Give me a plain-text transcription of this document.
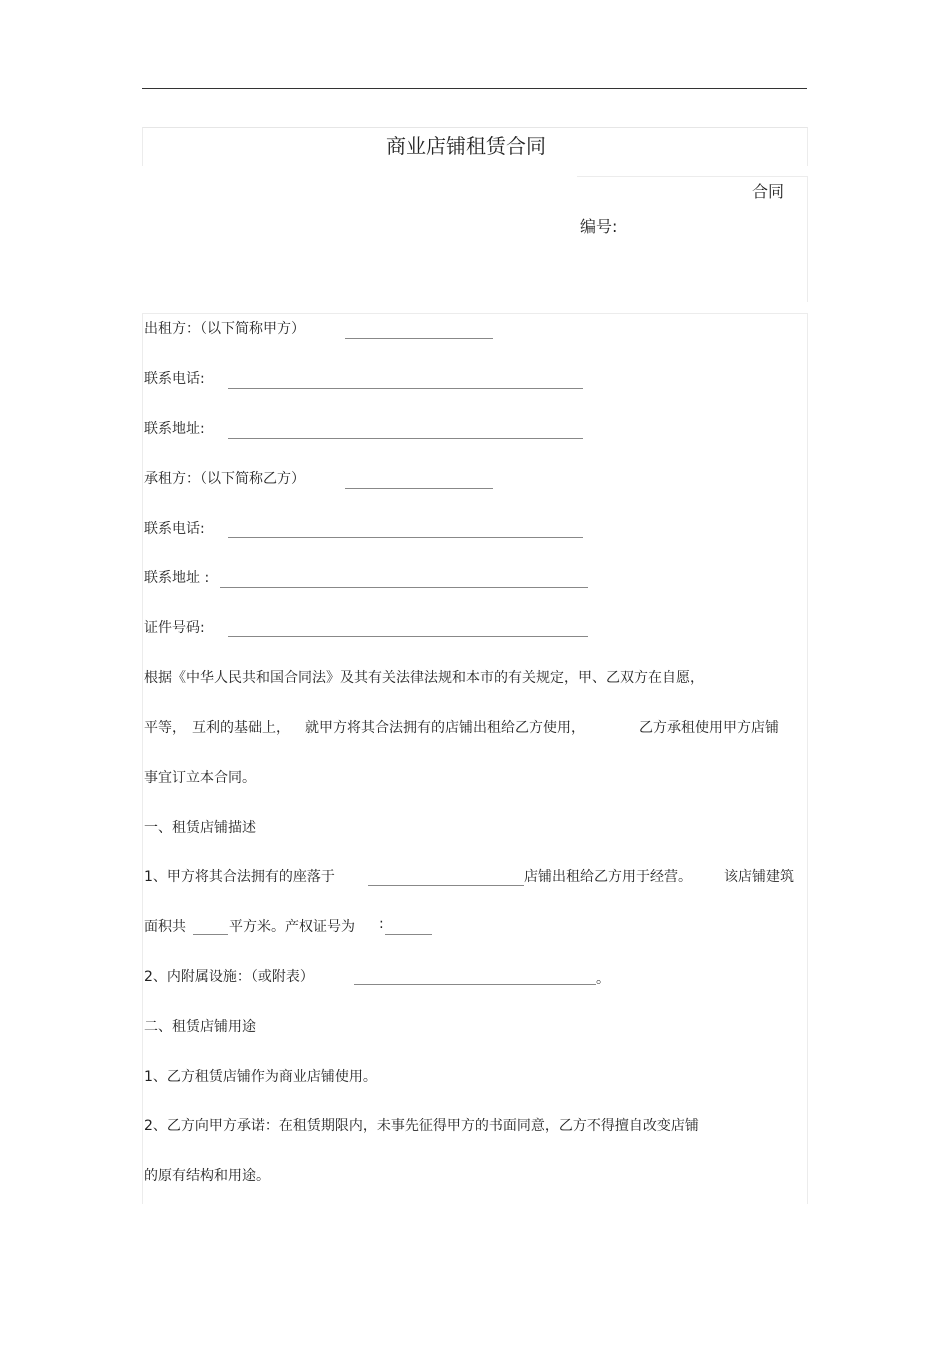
商业店铺租赁合同
合同
编号:
出租方：（以下简称甲方）
联系电话:
联系地址:
承租方：（以下简称乙方）
联系电话:
联系地址 :
证件号码:
根据《中华人民共和国合同法》及其有关法律法规和本市的有关规定，甲、乙双方在自愿，
平等， 互利的基础上， 就甲方将其合法拥有的店铺出租给乙方使用，	乙方承租使用甲方店铺
事宜订立本合同。
一、租赁店铺描述
1、甲方将其合法拥有的座落于	店铺出租给乙方用于经营。 该店铺建筑
面积共	平方米。产权证号为 :
2、内附属设施：（或附表）	。
二、租赁店铺用途
1、乙方租赁店铺作为商业店铺使用。
2、乙方向甲方承诺：在租赁期限内，未事先征得甲方的书面同意，乙方不得擅自改变店铺
的原有结构和用途。
